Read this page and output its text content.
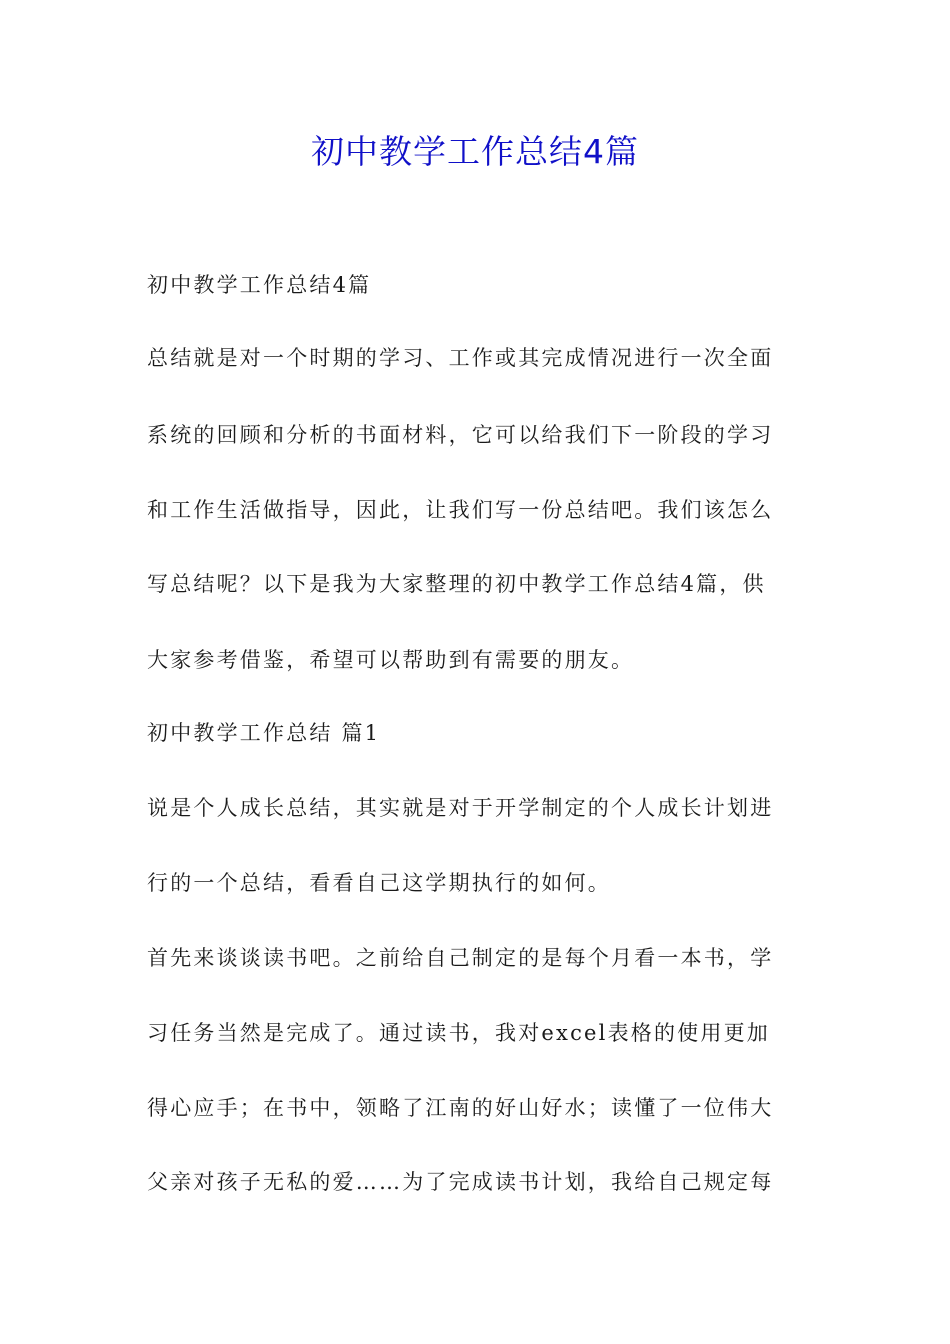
初中教学工作总结4篇

初中教学工作总结4篇

总结就是对一个时期的学习、工作或其完成情况进行一次全面

系统的回顾和分析的书面材料，它可以给我们下一阶段的学习

和工作生活做指导，因此，让我们写一份总结吧。我们该怎么

写总结呢？以下是我为大家整理的初中教学工作总结4篇，供

大家参考借鉴，希望可以帮助到有需要的朋友。

初中教学工作总结 篇1

说是个人成长总结，其实就是对于开学制定的个人成长计划进

行的一个总结，看看自己这学期执行的如何。

首先来谈谈读书吧。之前给自己制定的是每个月看一本书，学

习任务当然是完成了。通过读书，我对excel表格的使用更加

得心应手；在书中，领略了江南的好山好水；读懂了一位伟大

父亲对孩子无私的爱……为了完成读书计划，我给自己规定每
